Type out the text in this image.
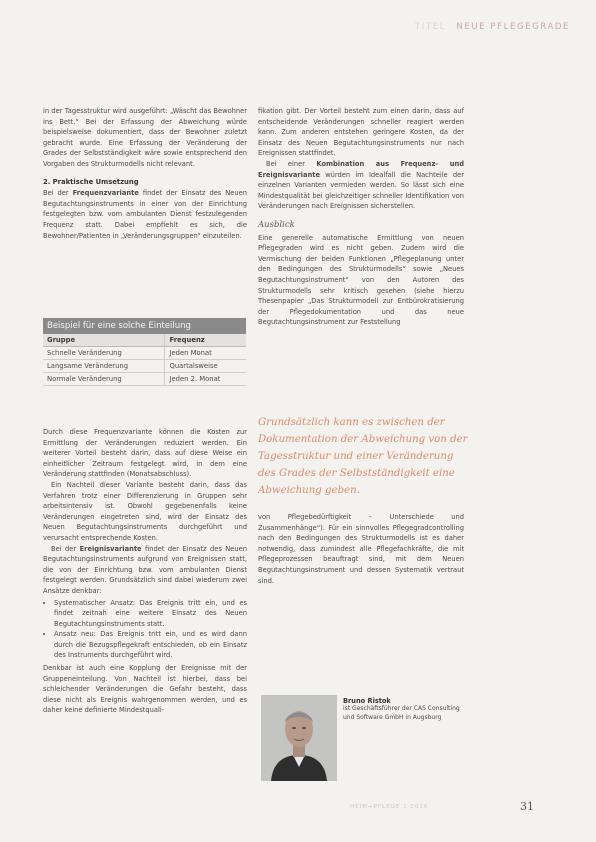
TITEL NEUE PFLEGEGRADE

in der Tagesstruktur wird ausgeführt: „Wäscht das Bewohner ins Bett.“ Bei der Erfassung der Abweichung würde beispielsweise dokumentiert, dass der Bewohner zuletzt gebracht wurde. Eine Erfassung der Veränderung der Grades der Selbstständigkeit wäre sowie entsprechend den Vorgaben des Strukturmodells nicht relevant.

2. Praktische Umsetzung

Bei der Frequenzvariante findet der Einsatz des Neuen Begutachtungsinstruments in einer von der Einrichtung festgelegten bzw. vom ambulanten Dienst festzulegenden Frequenz statt. Dabei empfiehlt es sich, die Bewohner/Patienten in „Veränderungsgruppen“ einzuteilen.

Beispiel für eine solche Einteilung
Gruppe	Frequenz
Schnelle Veränderung	Jeden Monat
Langsame Veränderung	Quartalsweise
Normale Veränderung	Jeden 2. Monat

Durch diese Frequenzvariante können die Kosten zur Ermittlung der Veränderungen reduziert werden. Ein weiterer Vorteil besteht darin, dass auf diese Weise ein einheitlicher Zeitraum festgelegt wird, in dem eine Veränderung stattfinden (Monatsabschluss).

Ein Nachteil dieser Variante besteht darin, dass das Verfahren trotz einer Differenzierung in Gruppen sehr arbeitsintensiv ist. Obwohl gegebenenfalls keine Veränderungen eingetreten sind, wird der Einsatz des Neuen Begutachtungsinstruments durchgeführt und verursacht entsprechende Kosten.

Bei der Ereignisvariante findet der Einsatz des Neuen Begutachtungsinstruments aufgrund von Ereignissen statt, die von der Einrichtung bzw. vom ambulanten Dienst festgelegt werden. Grundsätzlich sind dabei wiederum zwei Ansätze denkbar:

• Systematischer Ansatz: Das Ereignis tritt ein, und es findet zeitnah eine weitere Einsatz des Neuen Begutachtungsinstruments statt.
• Ansatz neu: Das Ereignis tritt ein, und es wird dann durch die Bezugspflegekraft entschieden, ob ein Einsatz des Instruments durchgeführt wird.

Denkbar ist auch eine Kopplung der Ereignisse mit der Gruppeneinteilung. Von Nachteil ist hierbei, dass bei schleichender Veränderungen die Gefahr besteht, dass diese nicht als Ereignis wahrgenommen werden, und es daher keine definierte Mindestquali-

fikation gibt. Der Vorteil besteht zum einen darin, dass auf entscheidende Veränderungen schneller reagiert werden kann. Zum anderen entstehen geringere Kosten, da der Einsatz des Neuen Begutachtungsinstruments nur nach Ereignissen stattfindet.

Bei einer Kombination aus Frequenz- und Ereignisvariante würden im Idealfall die Nachteile der einzelnen Varianten vermieden werden. So lässt sich eine Mindestqualität bei gleichzeitiger schneller Identifikation von Veränderungen nach Ereignissen sicherstellen.

Ausblick

Eine generelle automatische Ermittlung von neuen Pflegegraden wird es nicht geben. Zudem wird die Vermischung der beiden Funktionen „Pflegeplanung unter den Bedingungen des Strukturmodells“ sowie „Neues Begutachtungsinstrument“ von den Autoren des Strukturmodells sehr kritisch gesehen (siehe hierzu Thesenpapier „Das Strukturmodell zur Entbürokratisierung der Pflegedokumentation und das neue Begutachtungsinstrument zur Feststellung

Grundsätzlich kann es zwischen der Dokumentation der Abweichung von der Tagesstruktur und einer Veränderung des Grades der Selbstständigkeit eine Abweichung geben.

von Pflegebedürftigkeit – Unterschiede und Zusammenhänge“). Für ein sinnvolles Pflegegradcontrolling nach den Bedingungen des Strukturmodells ist es daher notwendig, dass zumindest alle Pflegefachkräfte, die mit Pflegeprozessen beauftragt sind, mit dem Neuen Begutachtungsinstrument und dessen Systematik vertraut sind.

Bruno Ristok
ist Geschäftsführer der CAS Consulting und Software GmbH in Augsburg
HEIM+PFLEGE 1·2016	31
